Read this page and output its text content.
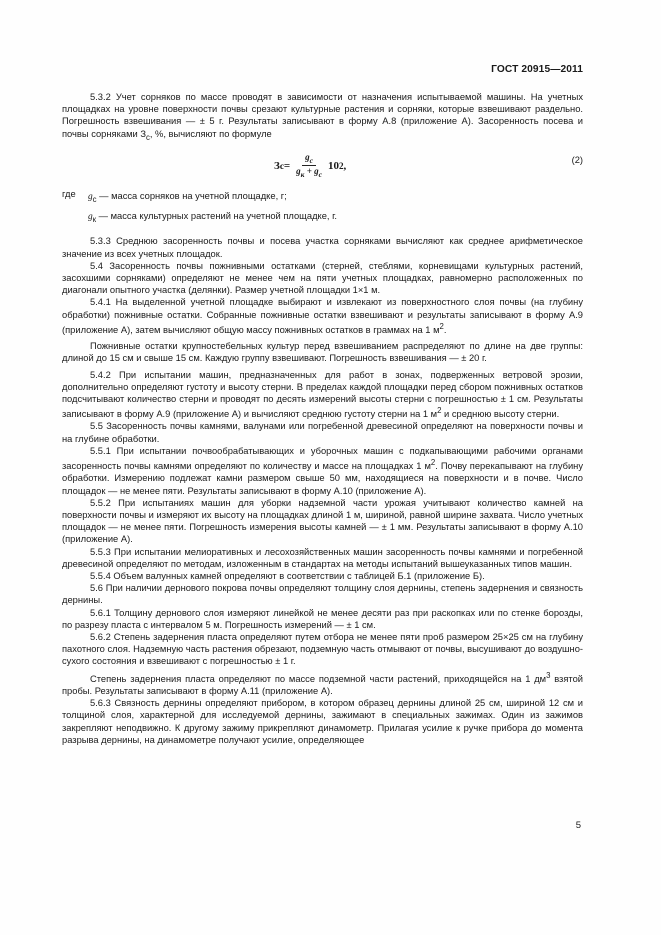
ГОСТ 20915—2011

5.3.2 Учет сорняков по массе проводят в зависимости от назначения испытываемой машины. На учетных площадках на уровне поверхности почвы срезают культурные растения и сорняки, которые взвешивают раздельно. Погрешность взвешивания — ± 5 г. Результаты записывают в форму А.8 (приложение А). Засоренность посева и почвы сорняками $З_с$, %, вычисляют по формуле

З $с = \frac{g_с}{g_к + g_с} 10$ 2 ,
(2)
где	$g_с$ — масса сорняков на учетной площадке, г;
$g_к$ — масса культурных растений на учетной площадке, г.

5.3.3 Среднюю засоренность почвы и посева участка сорняками вычисляют как среднее арифметическое значение из всех учетных площадок.

5.4 Засоренность почвы пожнивными остатками (стерней, стеблями, корневищами культурных растений, засохшими сорняками) определяют не менее чем на пяти учетных площадках, равномерно расположенных по диагонали опытного участка (делянки). Размер учетной площадки 1×1 м.

5.4.1 На выделенной учетной площадке выбирают и извлекают из поверхностного слоя почвы (на глубину обработки) пожнивные остатки. Собранные пожнивные остатки взвешивают и результаты записывают в форму А.9 (приложение А), затем вычисляют общую массу пожнивных остатков в граммах на 1 $м^2$.

Пожнивные остатки крупностебельных культур перед взвешиванием распределяют по длине на две группы: длиной до 15 см и свыше 15 см. Каждую группу взвешивают. Погрешность взвешивания — ± 20 г.

5.4.2 При испытании машин, предназначенных для работ в зонах, подверженных ветровой эрозии, дополнительно определяют густоту и высоту стерни. В пределах каждой площадки перед сбором пожнивных остатков подсчитывают количество стерни и проводят по десять измерений высоты стерни с погрешностью ± 1 см. Результаты записывают в форму А.9 (приложение А) и вычисляют среднюю густоту стерни на 1 $м^2$ и среднюю высоту стерни.

5.5 Засоренность почвы камнями, валунами или погребенной древесиной определяют на поверхности почвы и на глубине обработки.

5.5.1 При испытании почвообрабатывающих и уборочных машин с подкапывающими рабочими органами засоренность почвы камнями определяют по количеству и массе на площадках 1 $м^2$. Почву перекапывают на глубину обработки. Измерению подлежат камни размером свыше 50 мм, находящиеся на поверхности и в почве. Число площадок — не менее пяти. Результаты записывают в форму А.10 (приложение А).

5.5.2 При испытаниях машин для уборки надземной части урожая учитывают количество камней на поверхности почвы и измеряют их высоту на площадках длиной 1 м, шириной, равной ширине захвата. Число учетных площадок — не менее пяти. Погрешность измерения высоты камней — ± 1 мм. Результаты записывают в форму А.10 (приложение А).

5.5.3 При испытании мелиоративных и лесохозяйственных машин засоренность почвы камнями и погребенной древесиной определяют по методам, изложенным в стандартах на методы испытаний вышеуказанных типов машин.

5.5.4 Объем валунных камней определяют в соответствии с таблицей Б.1 (приложение Б).

5.6 При наличии дернового покрова почвы определяют толщину слоя дернины, степень задернения и связность дернины.

5.6.1 Толщину дернового слоя измеряют линейкой не менее десяти раз при раскопках или по стенке борозды, по разрезу пласта с интервалом 5 м. Погрешность измерений — ± 1 см.

5.6.2 Степень задернения пласта определяют путем отбора не менее пяти проб размером 25×25 см на глубину пахотного слоя. Надземную часть растения обрезают, подземную часть отмывают от почвы, высушивают до воздушно-сухого состояния и взвешивают с погрешностью ± 1 г.

Степень задернения пласта определяют по массе подземной части растений, приходящейся на 1 $дм^3$ взятой пробы. Результаты записывают в форму А.11 (приложение А).

5.6.3 Связность дернины определяют прибором, в котором образец дернины длиной 25 см, шириной 12 см и толщиной слоя, характерной для исследуемой дернины, зажимают в специальных зажимах. Один из зажимов закрепляют неподвижно. К другому зажиму прикрепляют динамометр. Прилагая усилие к ручке прибора до момента разрыва дернины, на динамометре получают усилие, определяющее

5
